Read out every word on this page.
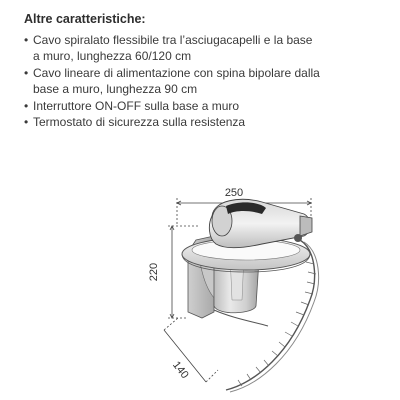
Altre caratteristiche:
• Cavo spiralato flessibile tra l’asciugacapelli e la base
a muro, lunghezza 60/120 cm
• Cavo lineare di alimentazione con spina bipolare dalla
base a muro, lunghezza 90 cm
• Interruttore ON-OFF sulla base a muro
• Termostato di sicurezza sulla resistenza
250
220
140
